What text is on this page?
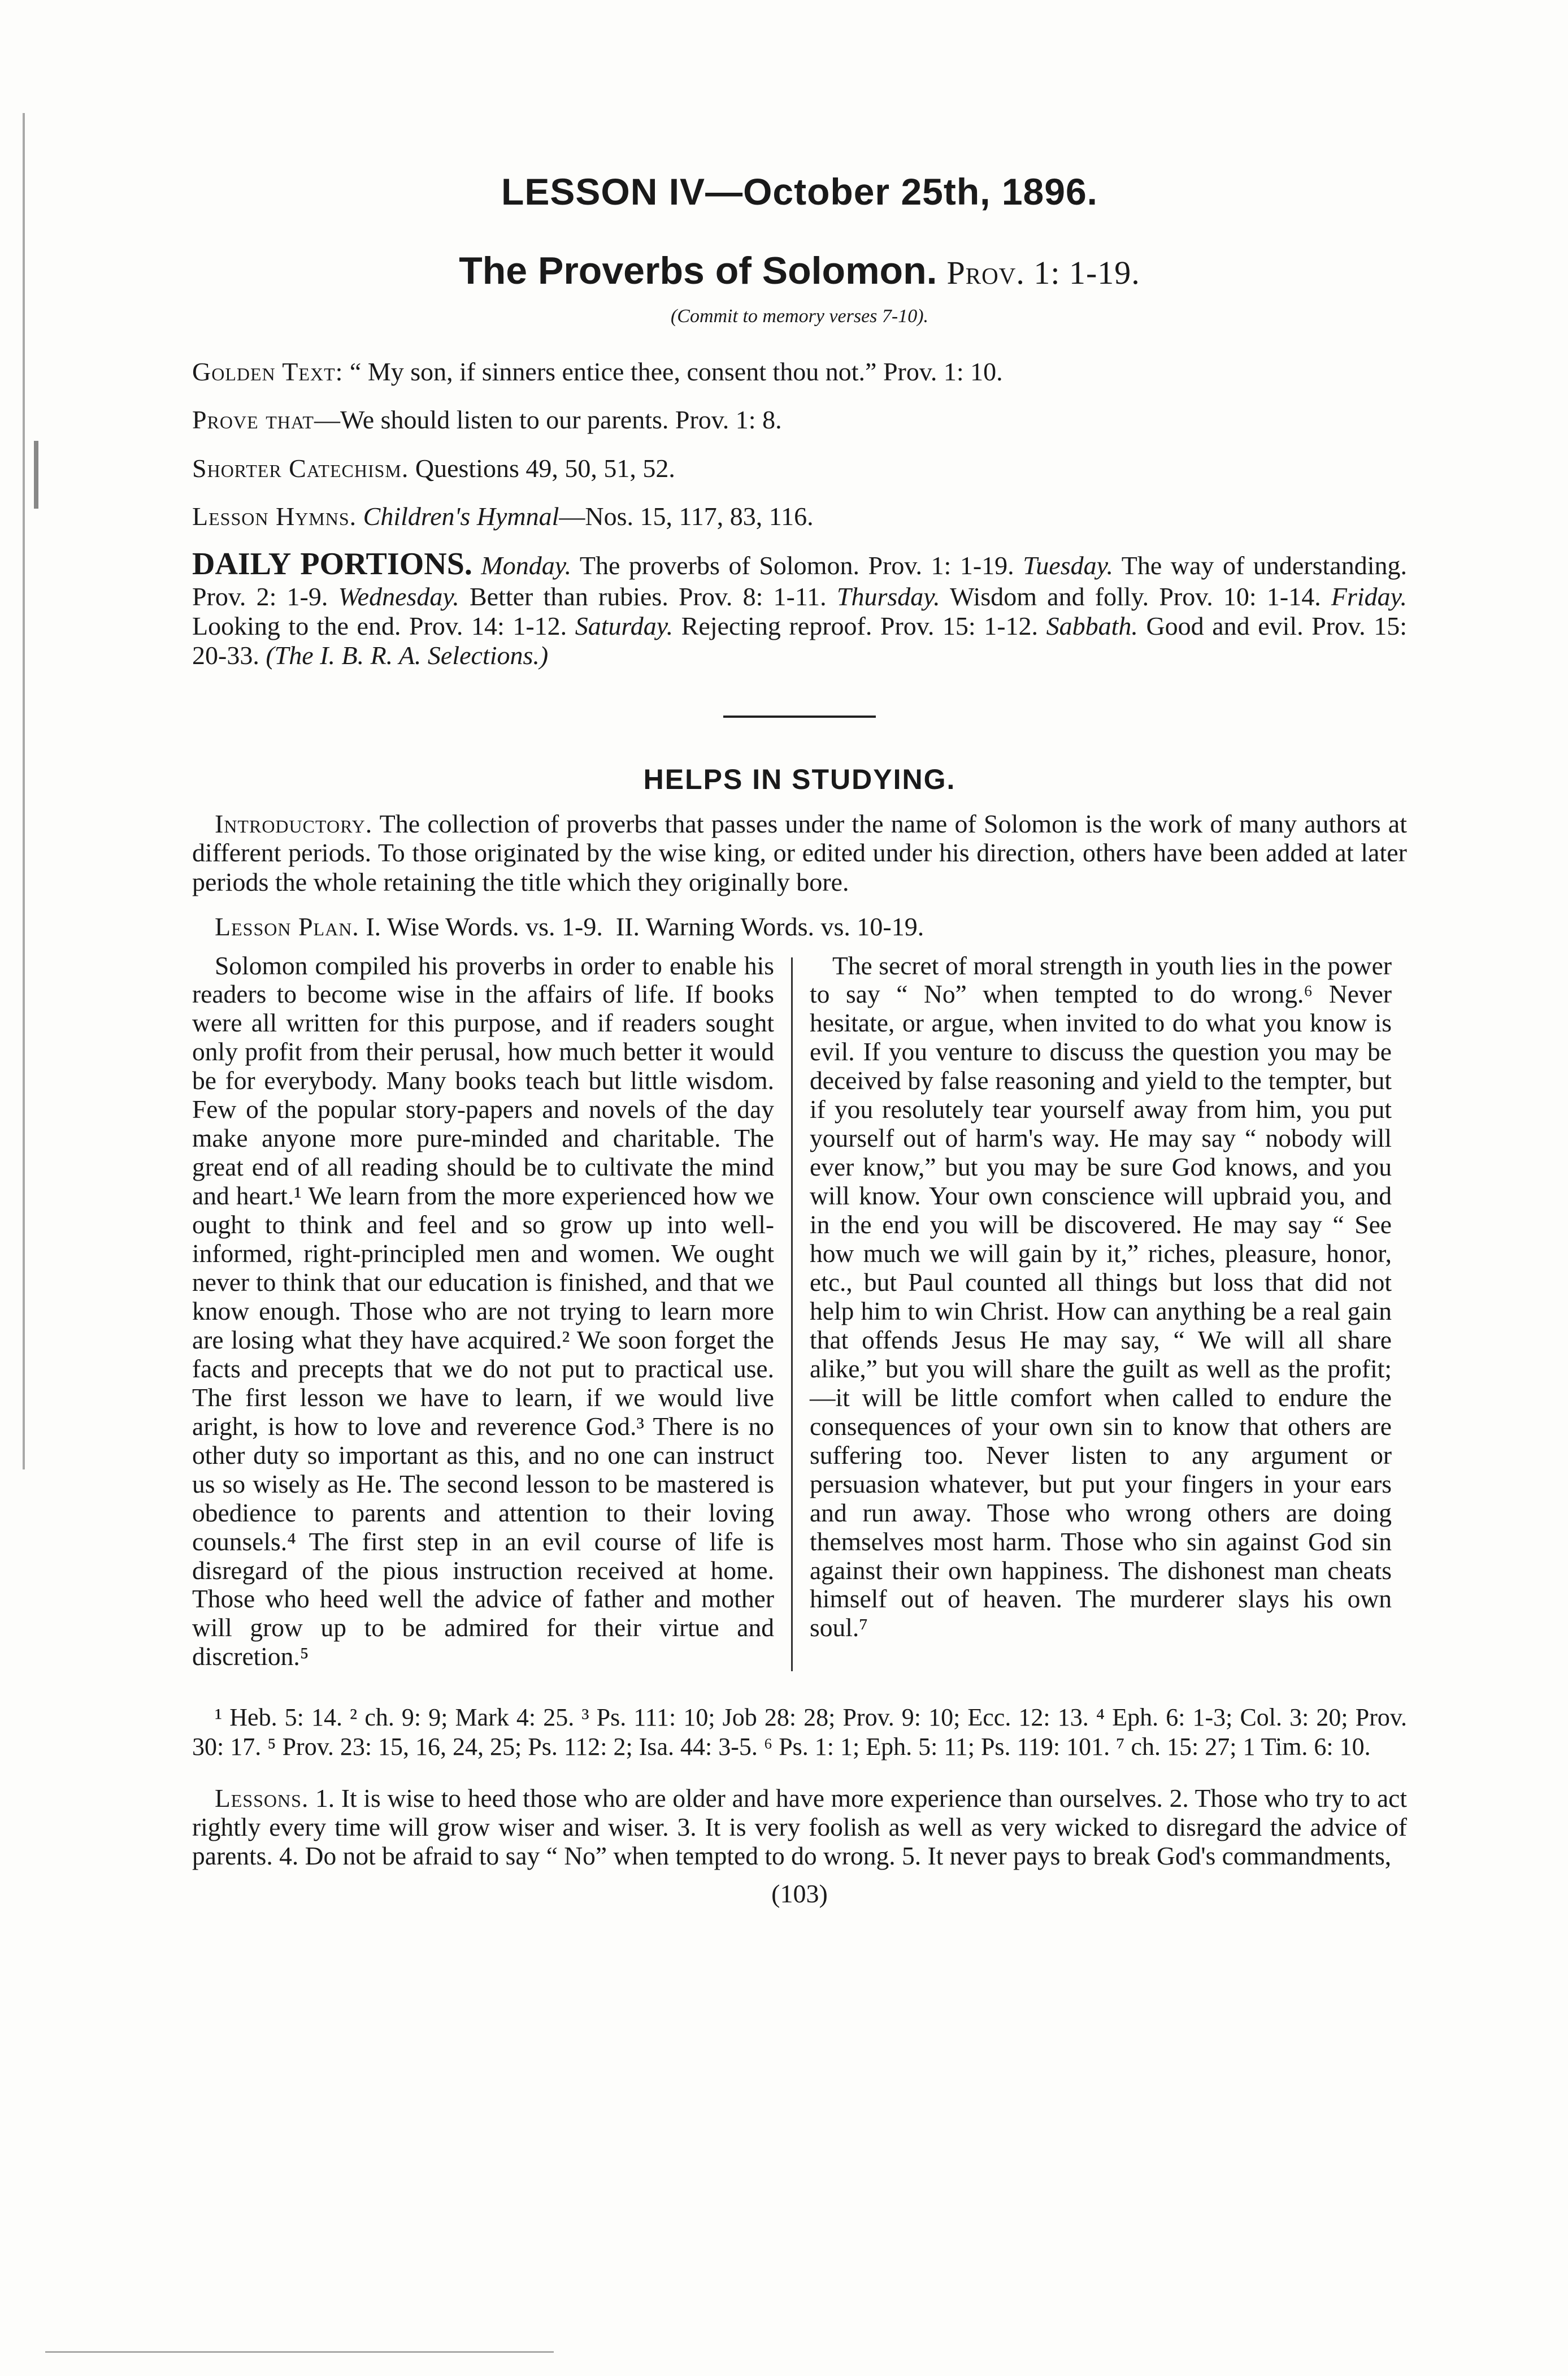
LESSON IV—October 25th, 1896.
The Proverbs of Solomon. Prov. 1: 1-19.
(Commit to memory verses 7-10).

Golden Text: “ My son, if sinners entice thee, consent thou not.” Prov. 1: 10.

Prove that—We should listen to our parents. Prov. 1: 8.

Shorter Catechism. Questions 49, 50, 51, 52.

Lesson Hymns. Children's Hymnal—Nos. 15, 117, 83, 116.

DAILY PORTIONS. Monday. The proverbs of Solomon. Prov. 1: 1-19. Tuesday. The way of understanding. Prov. 2: 1-9. Wednesday. Better than rubies. Prov. 8: 1-11. Thursday. Wisdom and folly. Prov. 10: 1-14. Friday. Looking to the end. Prov. 14: 1-12. Saturday. Rejecting reproof. Prov. 15: 1-12. Sabbath. Good and evil. Prov. 15: 20-33. (The I. B. R. A. Selections.)

HELPS IN STUDYING.

Introductory. The collection of proverbs that passes under the name of Solomon is the work of many authors at different periods. To those originated by the wise king, or edited under his direction, others have been added at later periods the whole retaining the title which they originally bore.

Lesson Plan. I. Wise Words. vs. 1-9. II. Warning Words. vs. 10-19.

Solomon compiled his proverbs in order to enable his readers to become wise in the affairs of life. If books were all written for this purpose, and if readers sought only profit from their perusal, how much better it would be for everybody. Many books teach but little wisdom. Few of the popular story-papers and novels of the day make anyone more pure-minded and charitable. The great end of all reading should be to cultivate the mind and heart.¹ We learn from the more experienced how we ought to think and feel and so grow up into well-informed, right-principled men and women. We ought never to think that our education is finished, and that we know enough. Those who are not trying to learn more are losing what they have acquired.² We soon forget the facts and precepts that we do not put to practical use. The first lesson we have to learn, if we would live aright, is how to love and reverence God.³ There is no other duty so important as this, and no one can instruct us so wisely as He. The second lesson to be mastered is obedience to parents and attention to their loving counsels.⁴ The first step in an evil course of life is disregard of the pious instruction received at home. Those who heed well the advice of father and mother will grow up to be admired for their virtue and discretion.⁵

The secret of moral strength in youth lies in the power to say “ No” when tempted to do wrong.⁶ Never hesitate, or argue, when invited to do what you know is evil. If you venture to discuss the question you may be deceived by false reasoning and yield to the tempter, but if you resolutely tear yourself away from him, you put yourself out of harm's way. He may say “ nobody will ever know,” but you may be sure God knows, and you will know. Your own conscience will upbraid you, and in the end you will be discovered. He may say “ See how much we will gain by it,” riches, pleasure, honor, etc., but Paul counted all things but loss that did not help him to win Christ. How can anything be a real gain that offends Jesus He may say, “ We will all share alike,” but you will share the guilt as well as the profit;—it will be little comfort when called to endure the consequences of your own sin to know that others are suffering too. Never listen to any argument or persuasion whatever, but put your fingers in your ears and run away. Those who wrong others are doing themselves most harm. Those who sin against God sin against their own happiness. The dishonest man cheats himself out of heaven. The murderer slays his own soul.⁷

¹ Heb. 5: 14. ² ch. 9: 9; Mark 4: 25. ³ Ps. 111: 10; Job 28: 28; Prov. 9: 10; Ecc. 12: 13. ⁴ Eph. 6: 1-3; Col. 3: 20; Prov. 30: 17. ⁵ Prov. 23: 15, 16, 24, 25; Ps. 112: 2; Isa. 44: 3-5. ⁶ Ps. 1: 1; Eph. 5: 11; Ps. 119: 101. ⁷ ch. 15: 27; 1 Tim. 6: 10.

Lessons. 1. It is wise to heed those who are older and have more experience than ourselves. 2. Those who try to act rightly every time will grow wiser and wiser. 3. It is very foolish as well as very wicked to disregard the advice of parents. 4. Do not be afraid to say “ No” when tempted to do wrong. 5. It never pays to break God's commandments,

(103)
